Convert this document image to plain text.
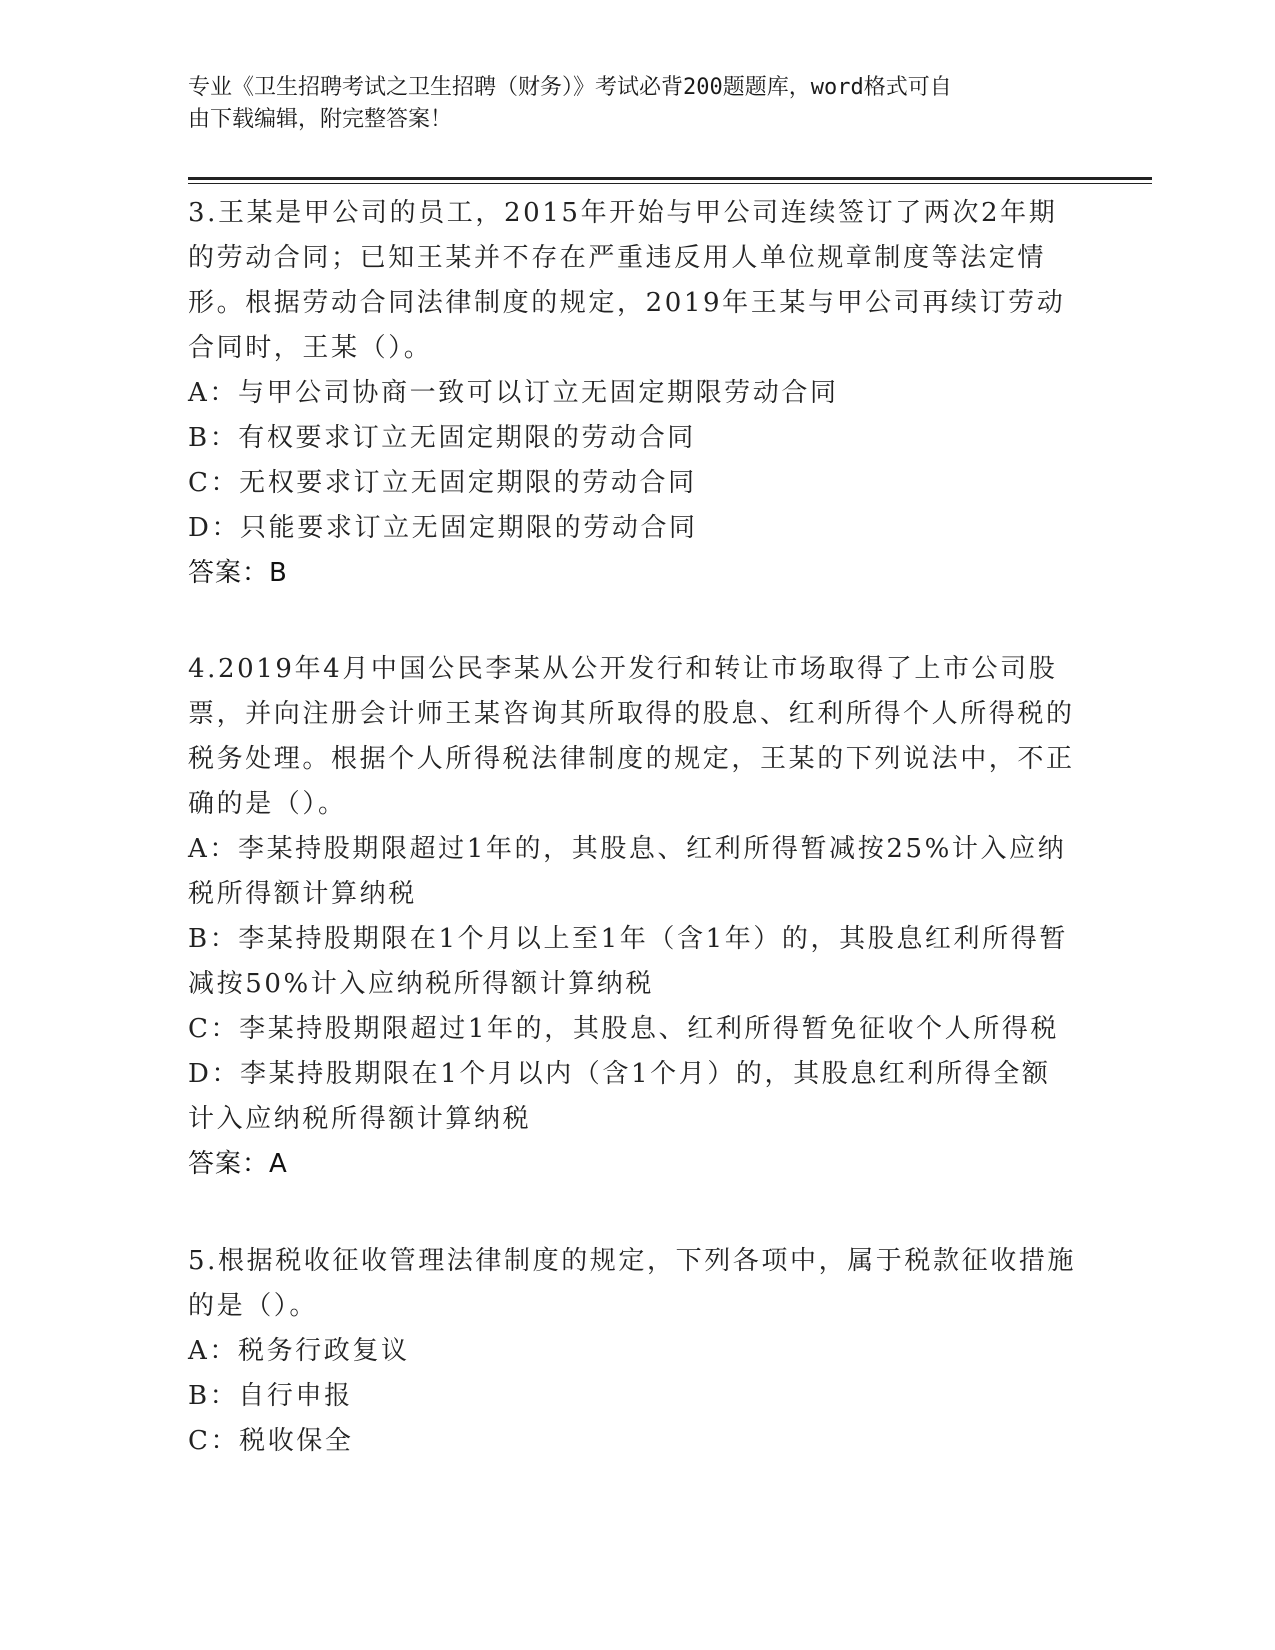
专业《卫生招聘考试之卫生招聘（财务）》考试必背200题题库，word格式可自
由下载编辑，附完整答案！
3.王某是甲公司的员工，2015年开始与甲公司连续签订了两次2年期的劳动合同；已知王某并不存在严重违反用人单位规章制度等法定情形。根据劳动合同法律制度的规定，2019年王某与甲公司再续订劳动合同时，王某（）。
A：与甲公司协商一致可以订立无固定期限劳动合同
B：有权要求订立无固定期限的劳动合同
C：无权要求订立无固定期限的劳动合同
D：只能要求订立无固定期限的劳动合同
答案：B
4.2019年4月中国公民李某从公开发行和转让市场取得了上市公司股票，并向注册会计师王某咨询其所取得的股息、红利所得个人所得税的税务处理。根据个人所得税法律制度的规定，王某的下列说法中，不正确的是（）。
A：李某持股期限超过1年的，其股息、红利所得暂减按25%计入应纳税所得额计算纳税
B：李某持股期限在1个月以上至1年（含1年）的，其股息红利所得暂减按50%计入应纳税所得额计算纳税
C：李某持股期限超过1年的，其股息、红利所得暂免征收个人所得税
D：李某持股期限在1个月以内（含1个月）的，其股息红利所得全额计入应纳税所得额计算纳税
答案：A
5.根据税收征收管理法律制度的规定，下列各项中，属于税款征收措施的是（）。
A：税务行政复议
B：自行申报
C：税收保全
